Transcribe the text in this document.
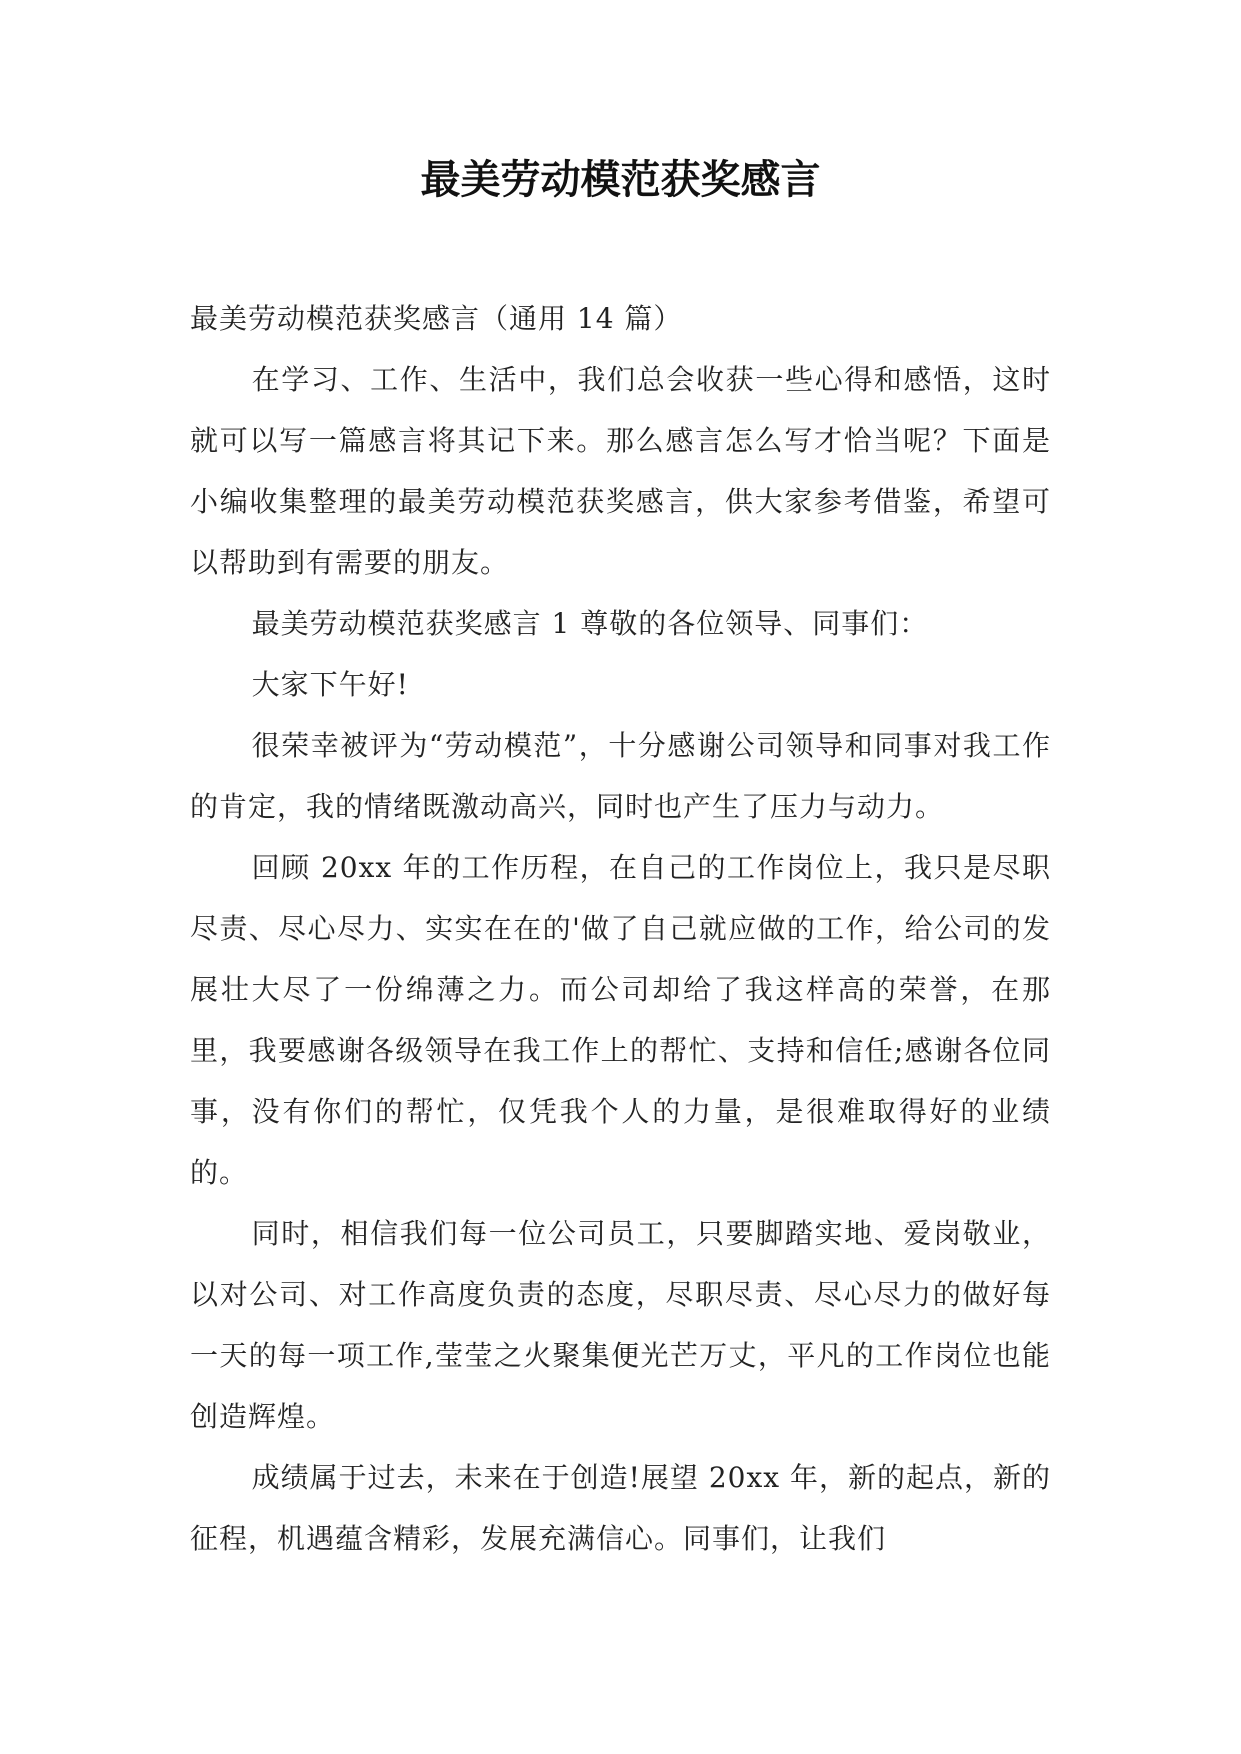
最美劳动模范获奖感言

最美劳动模范获奖感言（通用 14 篇）

在学习、工作、生活中，我们总会收获一些心得和感悟，这时就可以写一篇感言将其记下来。那么感言怎么写才恰当呢？下面是小编收集整理的最美劳动模范获奖感言，供大家参考借鉴，希望可以帮助到有需要的朋友。

最美劳动模范获奖感言 1 尊敬的各位领导、同事们：

大家下午好!

很荣幸被评为“劳动模范”，十分感谢公司领导和同事对我工作的肯定，我的情绪既激动高兴，同时也产生了压力与动力。

回顾 20xx 年的工作历程，在自己的工作岗位上，我只是尽职尽责、尽心尽力、实实在在的'做了自己就应做的工作，给公司的发展壮大尽了一份绵薄之力。而公司却给了我这样高的荣誉，在那里，我要感谢各级领导在我工作上的帮忙、支持和信任;感谢各位同事，没有你们的帮忙，仅凭我个人的力量，是很难取得好的业绩的。

同时，相信我们每一位公司员工，只要脚踏实地、爱岗敬业，以对公司、对工作高度负责的态度，尽职尽责、尽心尽力的做好每一天的每一项工作,莹莹之火聚集便光芒万丈，平凡的工作岗位也能创造辉煌。

成绩属于过去，未来在于创造!展望 20xx 年，新的起点，新的征程，机遇蕴含精彩，发展充满信心。同事们，让我们
